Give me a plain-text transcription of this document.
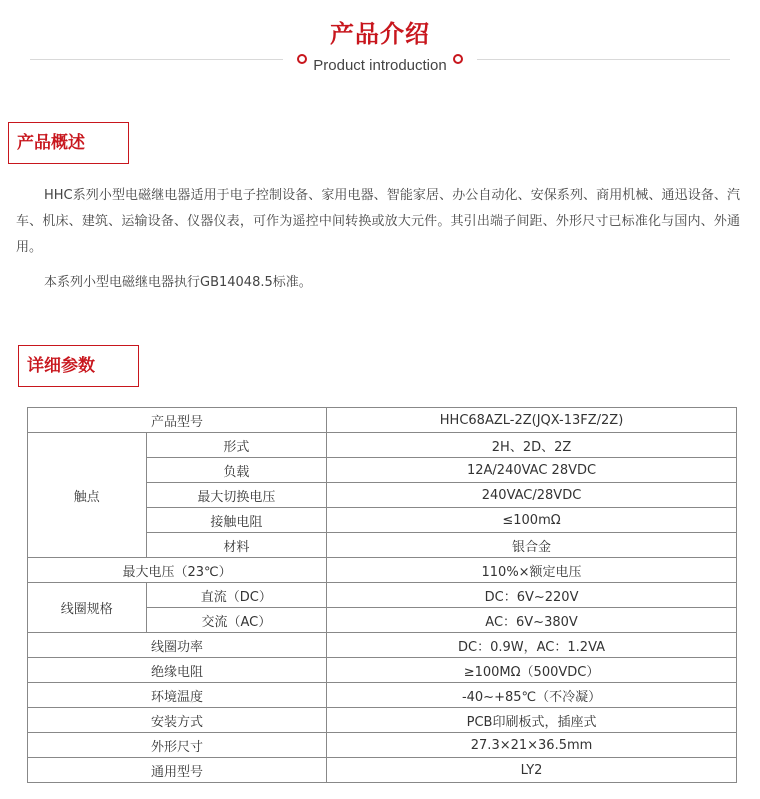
产品介绍
Product introduction
产品概述
HHC系列小型电磁继电器适用于电子控制设备、家用电器、智能家居、办公自动化、安保系列、商用机械、通迅设备、汽车、机床、建筑、运输设备、仪器仪表，可作为遥控中间转换或放大元件。其引出端子间距、外形尺寸已标准化与国内、外通用。
本系列小型电磁继电器执行GB14048.5标准。
详细参数
产品型号		HHC68AZL-2Z(JQX-13FZ/2Z)
触点	形式	2H、2D、2Z
	负载	12A/240VAC 28VDC
	最大切换电压	240VAC/28VDC
	接触电阻	≤100mΩ
	材料	银合金
最大电压（23℃）		110%×额定电压
线圈规格	直流（DC）	DC：6V~220V
	交流（AC）	AC：6V~380V
线圈功率		DC：0.9W，AC：1.2VA
绝缘电阻		≥100MΩ（500VDC）
环境温度		-40~+85℃（不冷凝）
安装方式		PCB印刷板式，插座式
外形尺寸		27.3×21×36.5mm
通用型号		LY2
